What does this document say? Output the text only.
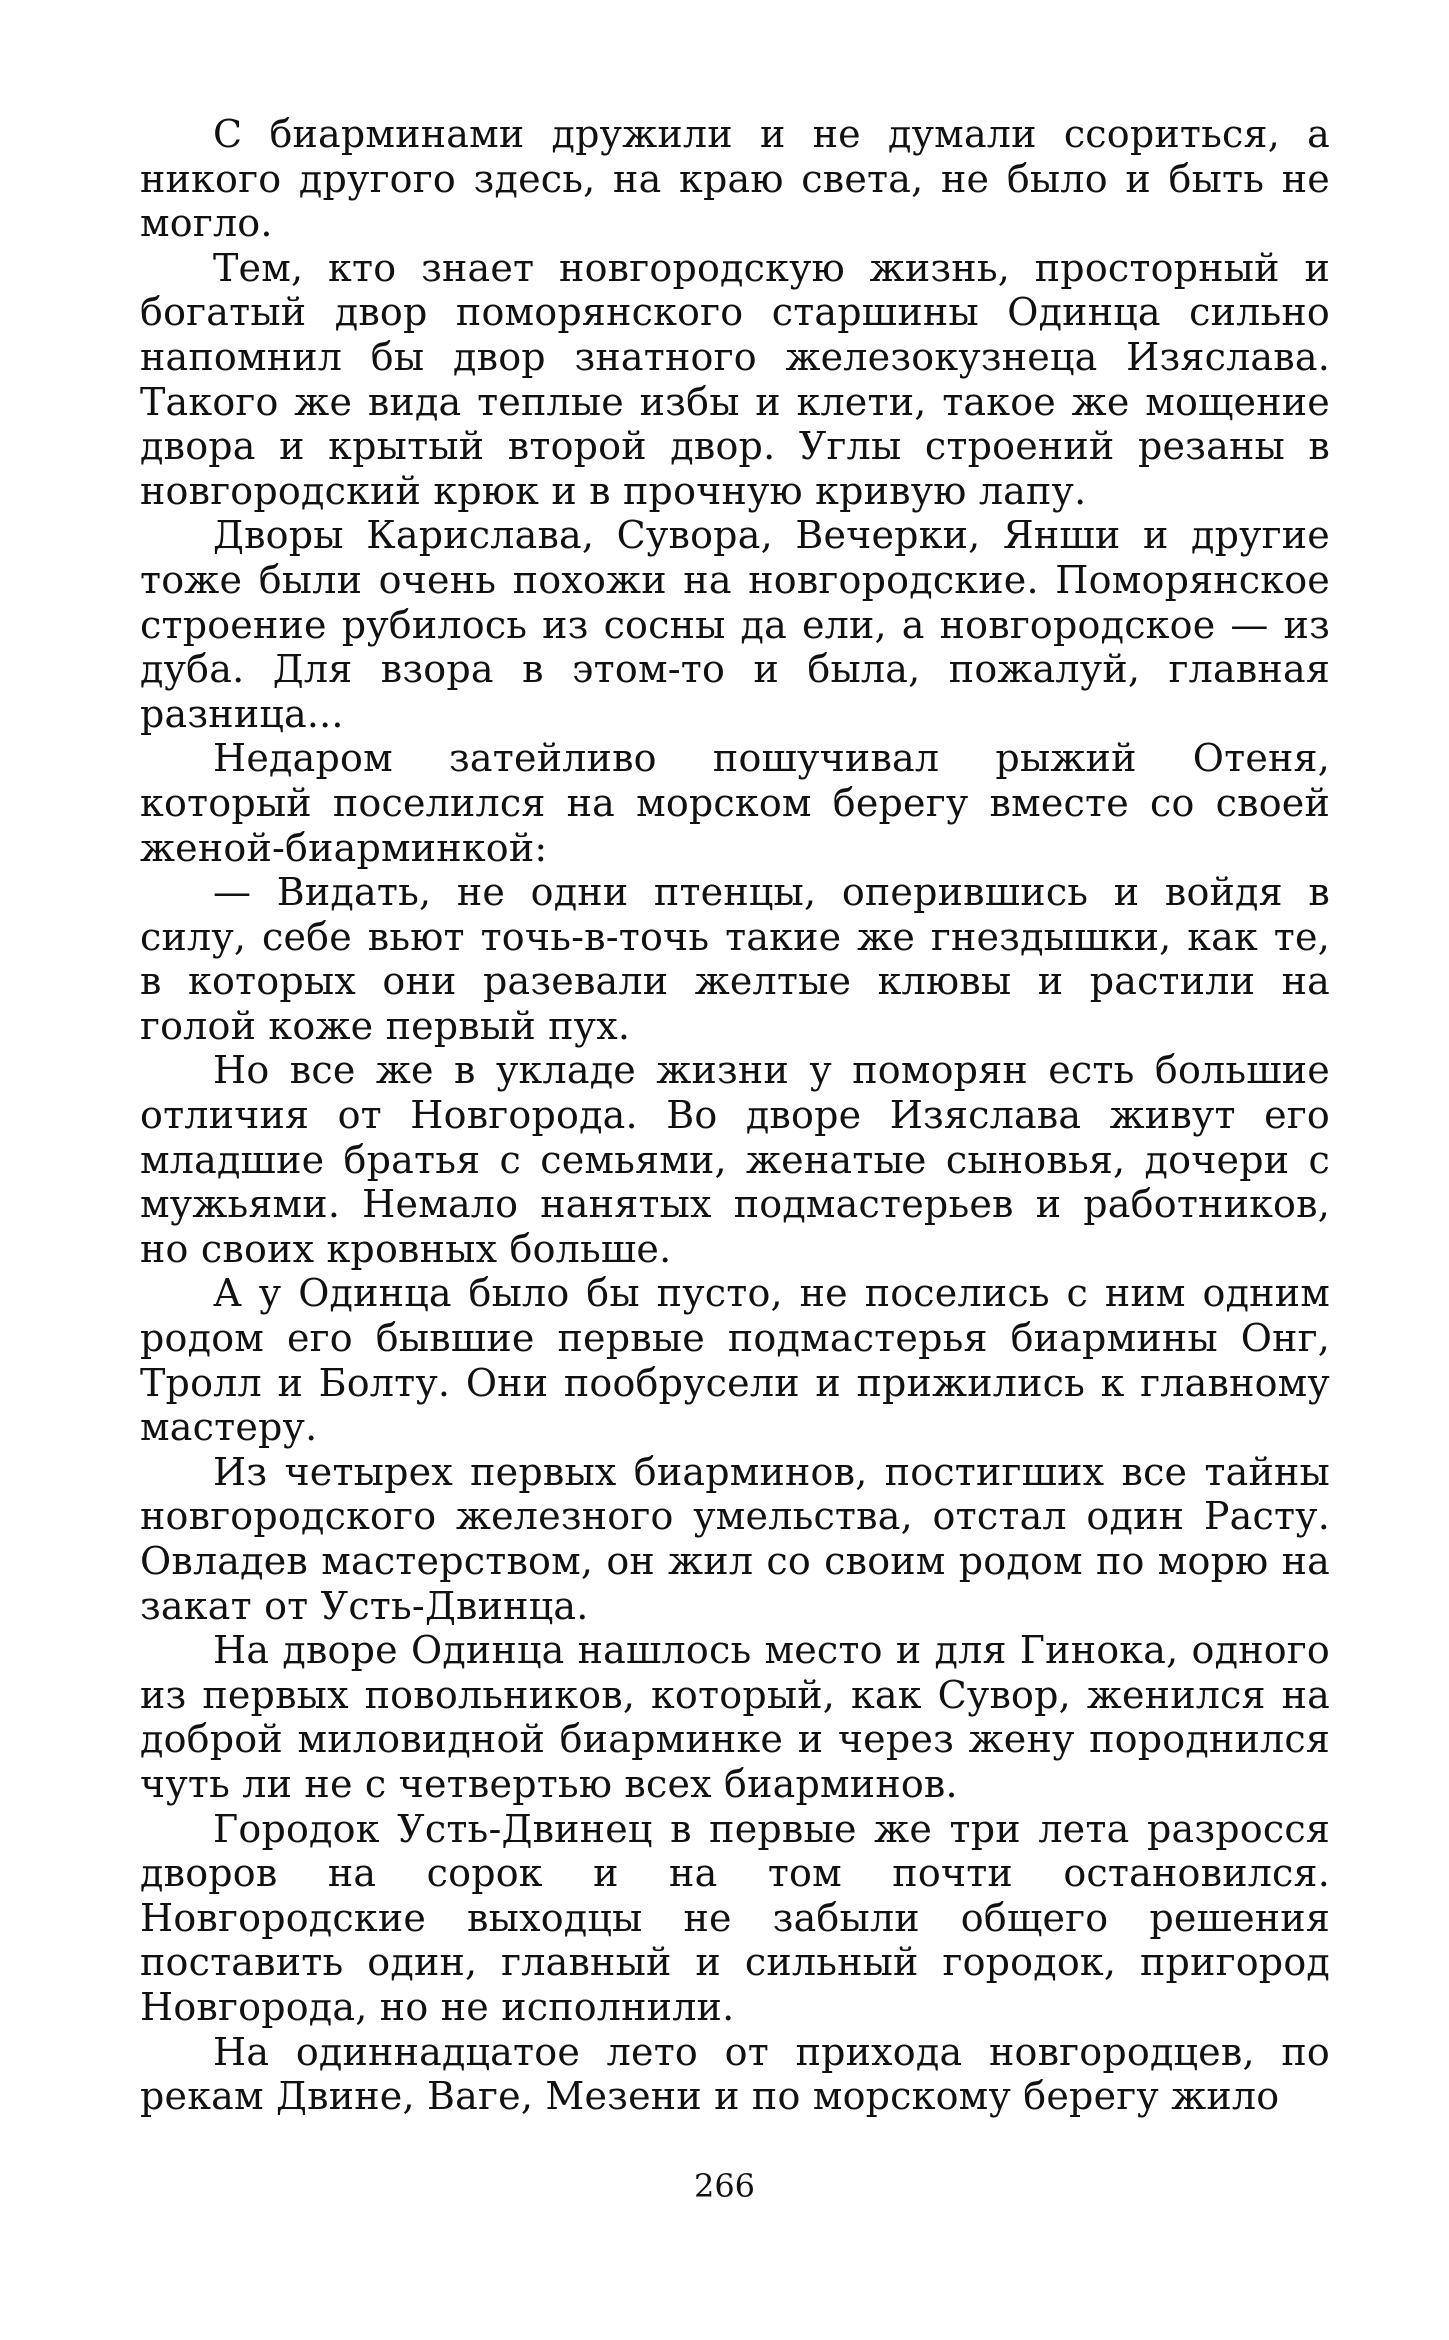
С биарминами дружили и не думали ссориться, а никого другого здесь, на краю света, не было и быть не могло.

Тем, кто знает новгородскую жизнь, просторный и богатый двор поморянского старшины Одинца сильно напомнил бы двор знатного железокузнеца Изяслава. Такого же вида теплые избы и клети, такое же мощение двора и крытый второй двор. Углы строений резаны в новгородский крюк и в прочную кривую лапу.

Дворы Карислава, Сувора, Вечерки, Янши и другие тоже были очень похожи на новгородские. Поморянское строение рубилось из сосны да ели, а новгородское — из дуба. Для взора в этом-то и была, пожалуй, главная разница...

Недаром затейливо пошучивал рыжий Отеня, который поселился на морском берегу вместе со своей женой-биарминкой:

— Видать, не одни птенцы, оперившись и войдя в силу, себе вьют точь-в-точь такие же гнездышки, как те, в которых они разевали желтые клювы и растили на голой коже первый пух.

Но все же в укладе жизни у поморян есть большие отличия от Новгорода. Во дворе Изяслава живут его младшие братья с семьями, женатые сыновья, дочери с мужьями. Немало нанятых подмастерьев и работников, но своих кровных больше.

А у Одинца было бы пусто, не поселись с ним одним родом его бывшие первые подмастерья биармины Онг, Тролл и Болту. Они пообрусели и прижились к главному мастеру.

Из четырех первых биарминов, постигших все тайны новгородского железного умельства, отстал один Расту. Овладев мастерством, он жил со своим родом по морю на закат от Усть-Двинца.

На дворе Одинца нашлось место и для Гинока, одного из первых повольников, который, как Сувор, женился на доброй миловидной биарминке и через жену породнился чуть ли не с четвертью всех биарминов.

Городок Усть-Двинец в первые же три лета разросся дворов на сорок и на том почти остановился. Новгородские выходцы не забыли общего решения поставить один, главный и сильный городок, пригород Новгорода, но не исполнили.

На одиннадцатое лето от прихода новгородцев, по рекам Двине, Ваге, Мезени и по морскому берегу жило

266
